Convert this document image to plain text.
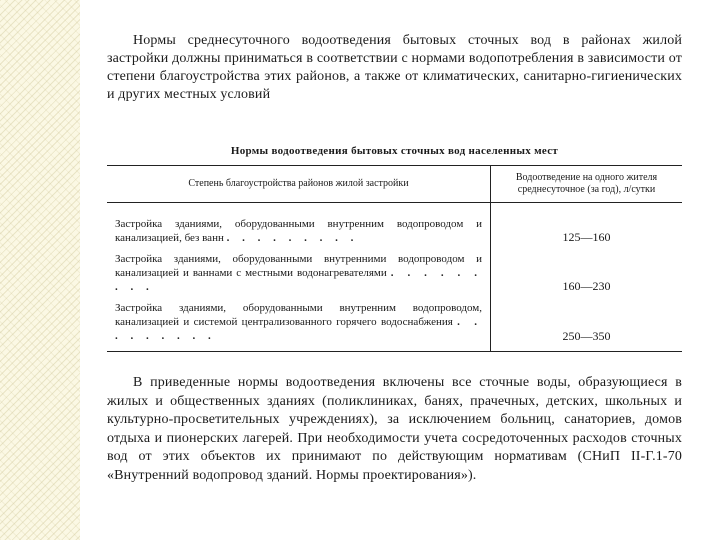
Нормы среднесуточного водоотведения бытовых сточных вод в районах жилой застройки должны приниматься в соответствии с нормами водопотребления в зависимости от степени благоустройства этих районов, а также от климатических, санитарно-гигиенических и других местных условий

Нормы водоотведения бытовых сточных вод населенных мест
Степень благоустройства районов жилой застройки	Водоотведение на одного жителя среднесуточное (за год), л/сутки
Застройка зданиями, оборудованными внутренним водопроводом и канализацией, без ванн . . . . . . . . .	125—160
Застройка зданиями, оборудованными внутренними водопроводом и канализацией и ваннами с местными водонагревателями . . . . . . . . .	160—230
Застройка зданиями, оборудованными внутренним водопроводом, канализацией и системой централизованного горячего водоснабжения . . . . . . . . .	250—350

В приведенные нормы водоотведения включены все сточные воды, образующиеся в жилых и общественных зданиях (поликлиниках, банях, прачечных, детских, школьных и культурно-просветительных учреждениях), за исключением больниц, санаториев, домов отдыха и пионерских лагерей. При необходимости учета сосредоточенных расходов сточных вод от этих объектов их принимают по действующим нормативам (СНиП II-Г.1-70 «Внутренний водопровод зданий. Нормы проектирования»).
